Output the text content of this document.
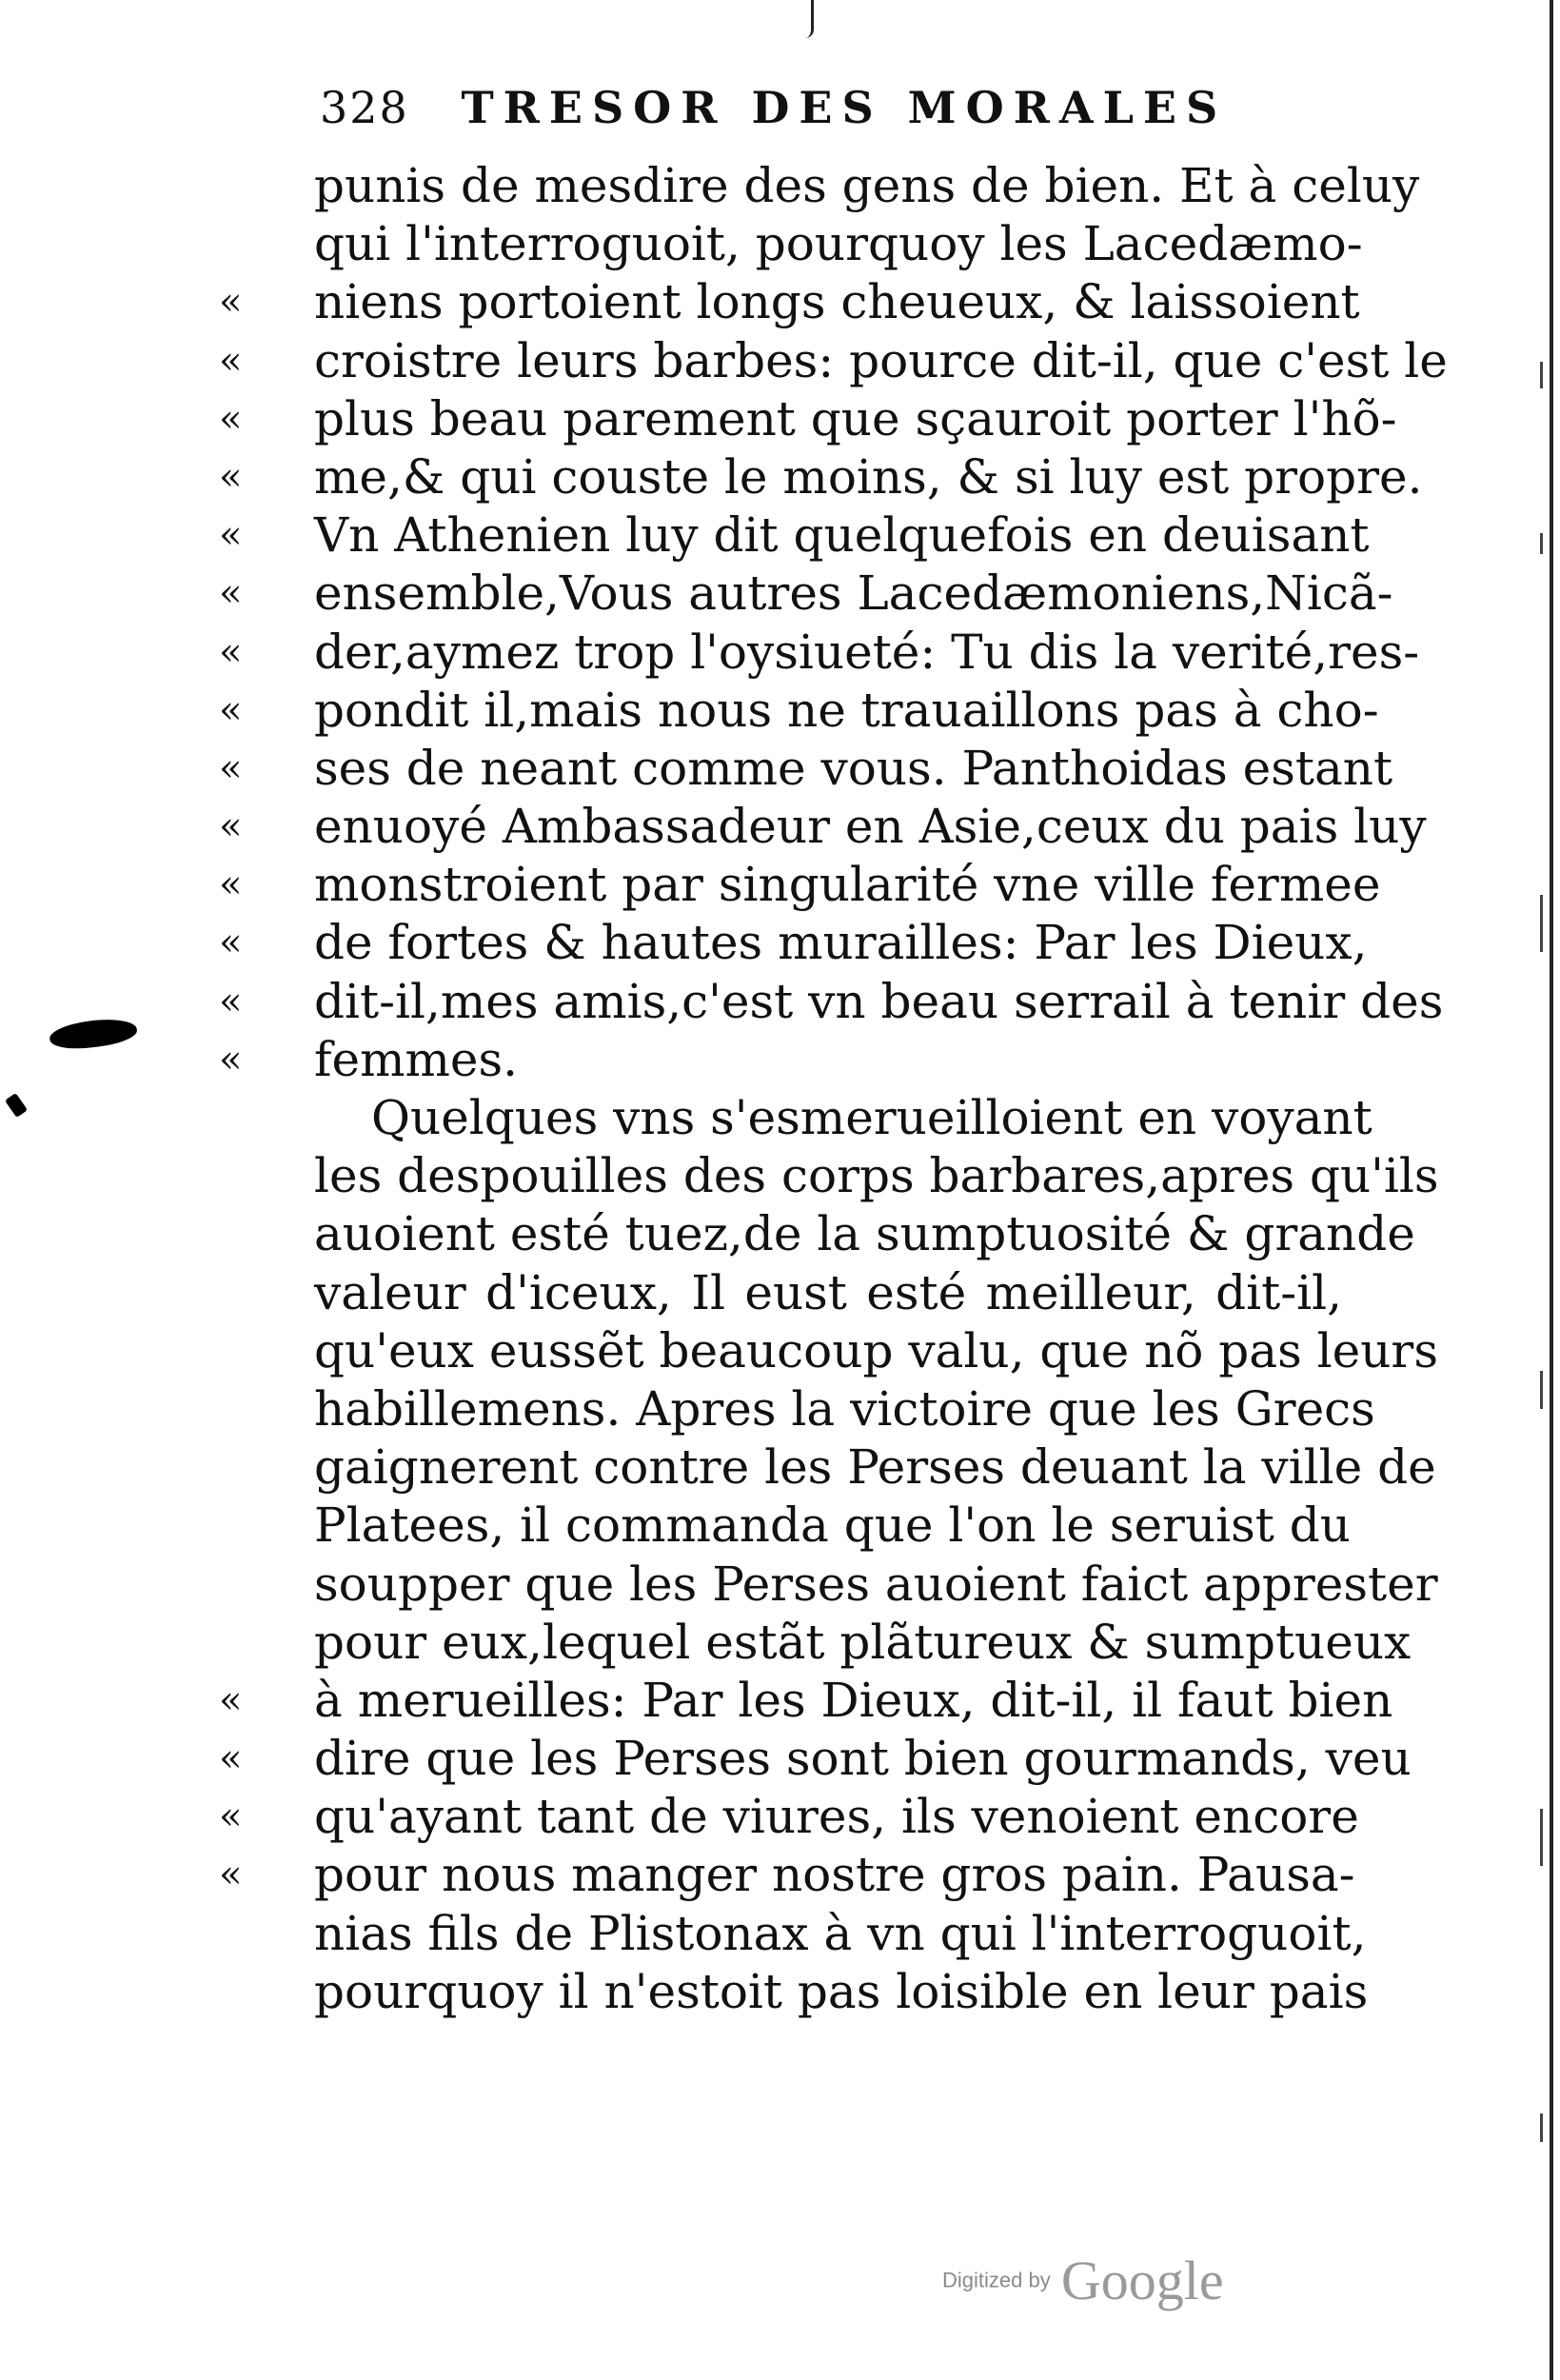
328 TRESOR DES MORALES
punis de mesdire des gens de bien. Et à celuy
qui l'interroguoit, pourquoy les Lacedæmo-
«	niens portoient longs cheueux, & laissoient
«	croistre leurs barbes: pource dit-il, que c'est le
«	plus beau parement que sçauroit porter l'hõ-
«	me,& qui couste le moins, & si luy est propre.
«	Vn Athenien luy dit quelquefois en deuisant
«	ensemble,Vous autres Lacedæmoniens,Nicã-
«	der,aymez trop l'oysiueté: Tu dis la verité,res-
«	pondit il,mais nous ne trauaillons pas à cho-
«	ses de neant comme vous. Panthoidas estant
«	enuoyé Ambassadeur en Asie,ceux du pais luy
«	monstroient par singularité vne ville fermee
«	de fortes & hautes murailles: Par les Dieux,
«	dit-il,mes amis,c'est vn beau serrail à tenir des
«	femmes.
Quelques vns s'esmerueilloient en voyant
les despouilles des corps barbares,apres qu'ils
auoient esté tuez,de la sumptuosité & grande
valeur d'iceux, Il eust esté meilleur, dit-il,
qu'eux eussẽt beaucoup valu, que nõ pas leurs
habillemens. Apres la victoire que les Grecs
gaignerent contre les Perses deuant la ville de
Platees, il commanda que l'on le seruist du
soupper que les Perses auoient faict apprester
pour eux,lequel estãt plãtureux & sumptueux
«	à merueilles: Par les Dieux, dit-il, il faut bien
«	dire que les Perses sont bien gourmands, veu
«	qu'ayant tant de viures, ils venoient encore
«	pour nous manger nostre gros pain. Pausa-
nias fils de Plistonax à vn qui l'interroguoit,
pourquoy il n'estoit pas loisible en leur pais
Digitized by Google
